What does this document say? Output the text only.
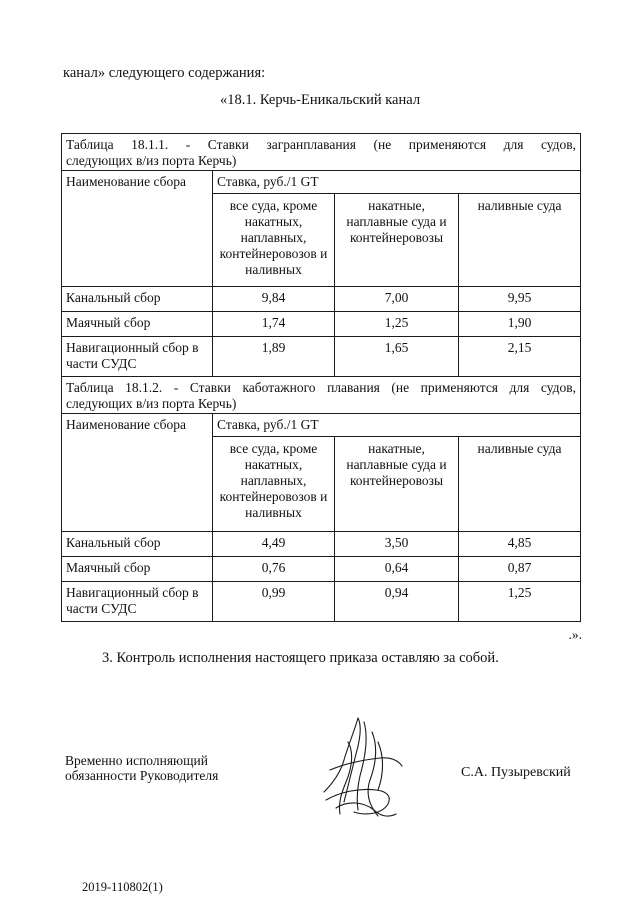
канал» следующего содержания:
«18.1. Керчь-Еникальский канал
Таблица 18.1.1. - Ставки загранплавания (не применяются для судов,
следующих в/из порта Керчь)			
Наименование сбора	Ставка, руб./1 GT		
	все суда, кроме накатных, наплавных, контейнеровозов и наливных	накатные, наплавные суда и контейнеровозы	наливные суда
Канальный сбор	9,84	7,00	9,95
Маячный сбор	1,74	1,25	1,90
Навигационный сбор в части СУДС	1,89	1,65	2,15
Таблица 18.1.2. - Ставки каботажного плавания (не применяются для судов,
следующих в/из порта Керчь)			
Наименование сбора	Ставка, руб./1 GT		
	все суда, кроме накатных, наплавных, контейнеровозов и наливных	накатные, наплавные суда и контейнеровозы	наливные суда
Канальный сбор	4,49	3,50	4,85
Маячный сбор	0,76	0,64	0,87
Навигационный сбор в части СУДС	0,99	0,94	1,25
.».
3. Контроль исполнения настоящего приказа оставляю за собой.
Временно исполняющий
обязанности Руководителя	С.А. Пузыревский
2019-110802(1)
